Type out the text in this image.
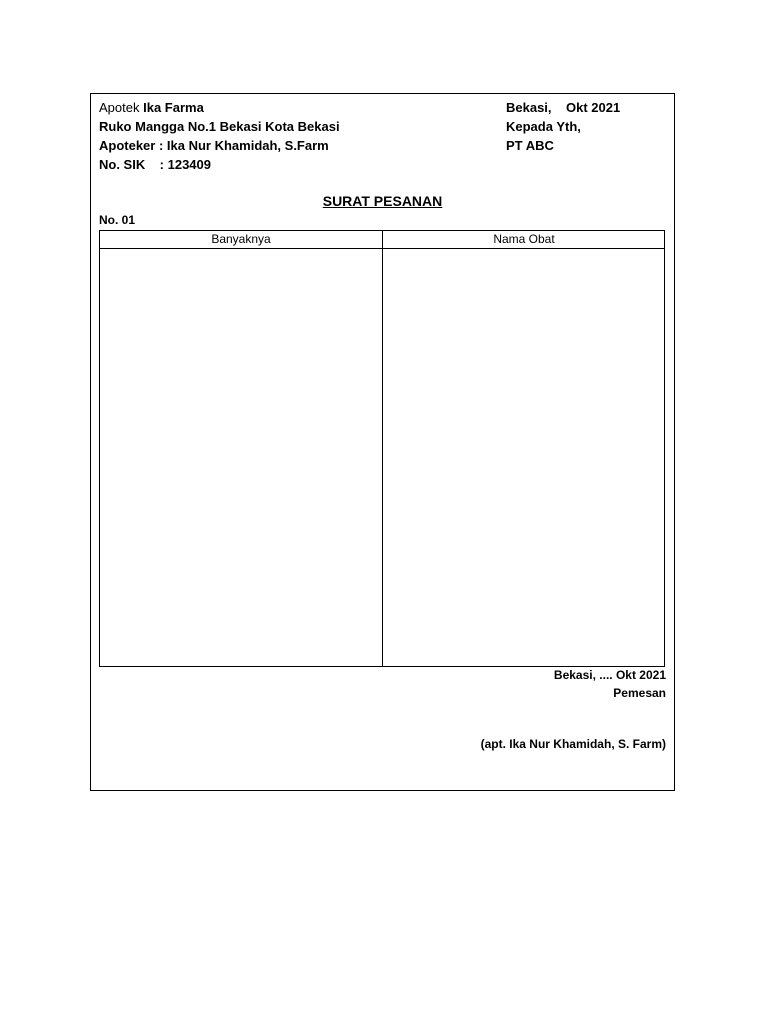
Apotek Ika Farma
Ruko Mangga No.1 Bekasi Kota Bekasi
Apoteker : Ika Nur Khamidah, S.Farm
No. SIK    : 123409
Bekasi,    Okt 2021
Kepada Yth,
PT ABC
SURAT PESANAN
No. 01
Banyaknya	Nama Obat
Bekasi, .... Okt 2021
Pemesan
(apt. Ika Nur Khamidah, S. Farm)
